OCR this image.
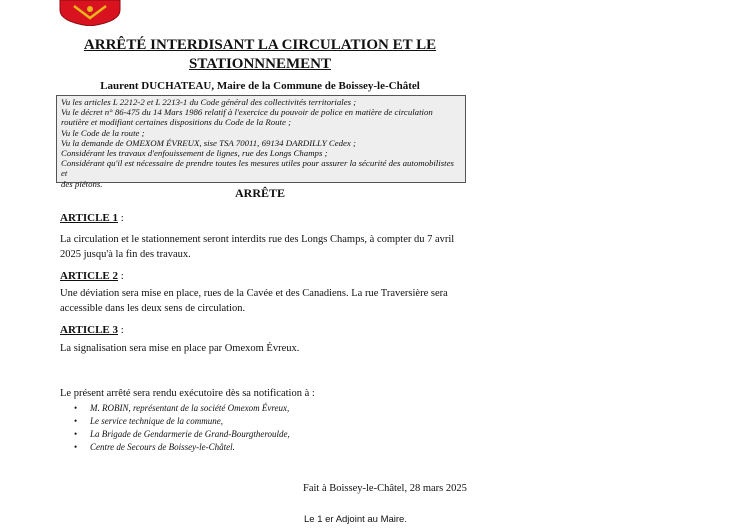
ARRÊTÉ INTERDISANT LA CIRCULATION ET LE
STATIONNNEMENT
Laurent DUCHATEAU, Maire de la Commune de Boissey-le-Châtel
Vu les articles L 2212-2 et L 2213-1 du Code général des collectivités territoriales ;
Vu le décret n° 86-475 du 14 Mars 1986 relatif à l'exercice du pouvoir de police en matière de circulation
routière et modifiant certaines dispositions du Code de la Route ;
Vu le Code de la route ;
Vu la demande de OMEXOM ÉVREUX, sise TSA 70011, 69134 DARDILLY Cedex ;
Considérant les travaux d'enfouissement de lignes, rue des Longs Champs ;
Considérant qu'il est nécessaire de prendre toutes les mesures utiles pour assurer la sécurité des automobilistes et
des piétons.
ARRÊTE
ARTICLE 1 :
La circulation et le stationnement seront interdits rue des Longs Champs, à compter du 7 avril
2025 jusqu'à la fin des travaux.
ARTICLE 2 :
Une déviation sera mise en place, rues de la Cavée et des Canadiens. La rue Traversière sera
accessible dans les deux sens de circulation.
ARTICLE 3 :
La signalisation sera mise en place par Omexom Évreux.
Le présent arrêté sera rendu exécutoire dès sa notification à :
• M. ROBIN, représentant de la société Omexom Évreux,
• Le service technique de la commune,
• La Brigade de Gendarmerie de Grand-Bourgtheroulde,
• Centre de Secours de Boissey-le-Châtel.
Fait à Boissey-le-Châtel, 28 mars 2025
Le 1 er Adjoint au Maire.
